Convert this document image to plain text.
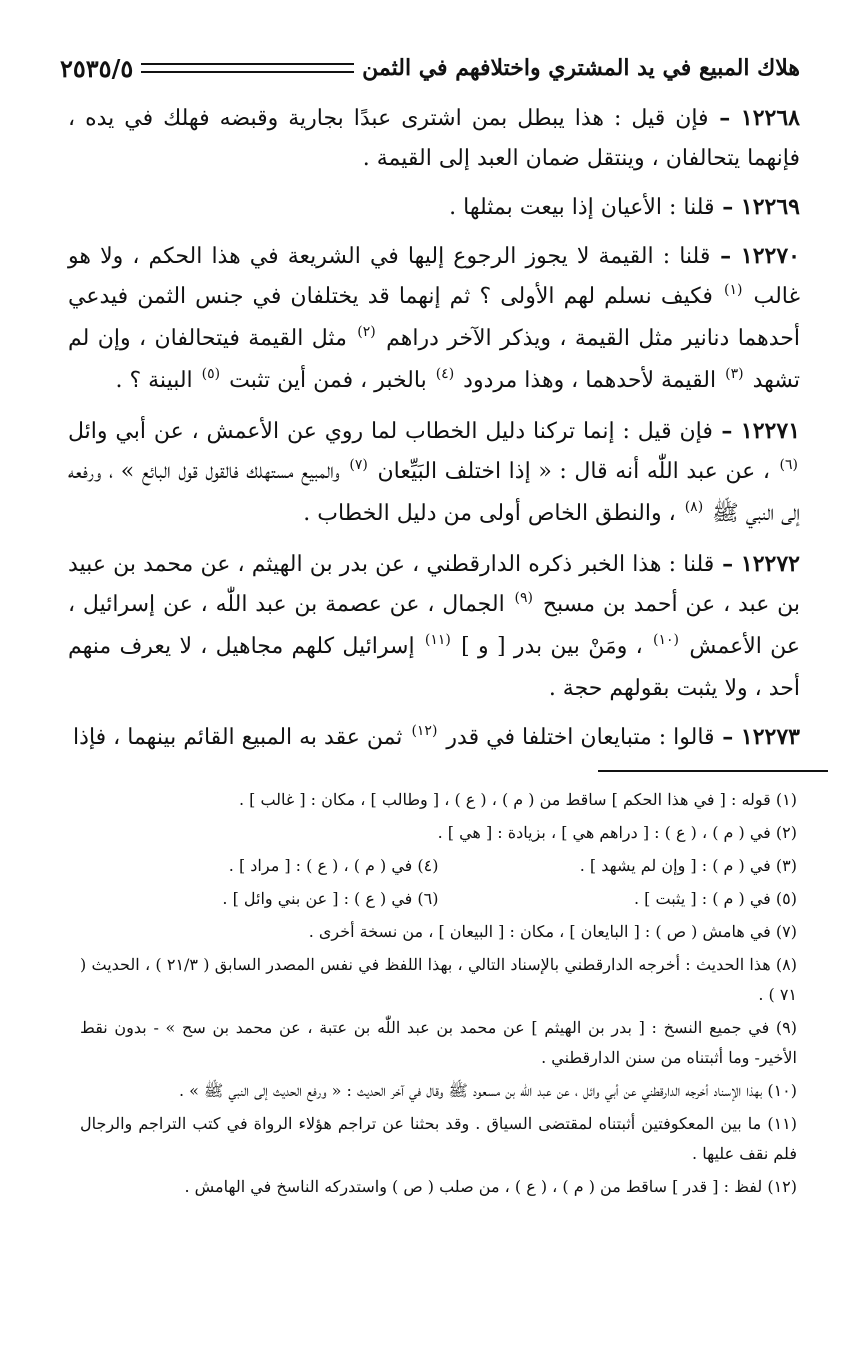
هلاك المبيع في يد المشتري واختلافهم في الثمن
٢٥٣٥/٥
١٢٢٦٨ – فإن قيل : هذا يبطل بمن اشترى عبدًا بجارية وقبضه فهلك في يده ، فإنهما يتحالفان ، وينتقل ضمان العبد إلى القيمة .
١٢٢٦٩ – قلنا : الأعيان إذا بيعت بمثلها .
١٢٢٧٠ – قلنا : القيمة لا يجوز الرجوع إليها في الشريعة في هذا الحكم ، ولا هو غالب $^{(١)}$ فكيف نسلم لهم الأولى ؟ ثم إنهما قد يختلفان في جنس الثمن فيدعي أحدهما دنانير مثل القيمة ، ويذكر الآخر دراهم $^{(٢)}$ مثل القيمة فيتحالفان ، وإن لم تشهد $^{(٣)}$ القيمة لأحدهما ، وهذا مردود $^{(٤)}$ بالخبر ، فمن أين تثبت $^{(٥)}$ البينة ؟ .
١٢٢٧١ – فإن قيل : إنما تركنا دليل الخطاب لما روي عن الأعمش ، عن أبي وائل $^{(٦)}$ ، عن عبد اللّٰه أنه قال : « إذا اختلف البَيِّعان $^{(٧)}$ والمبيع مستهلك فالقول قول البائع » ، ورفعه إلى النبي ﷺ $^{(٨)}$ ، والنطق الخاص أولى من دليل الخطاب .
١٢٢٧٢ – قلنا : هذا الخبر ذكره الدارقطني ، عن بدر بن الهيثم ، عن محمد بن عبيد بن عبد ، عن أحمد بن مسبح $^{(٩)}$ الجمال ، عن عصمة بن عبد اللّٰه ، عن إسرائيل ، عن الأعمش $^{(١٠)}$ ، ومَنْ بين بدر [ و ] $^{(١١)}$ إسرائيل كلهم مجاهيل ، لا يعرف منهم أحد ، ولا يثبت بقولهم حجة .
١٢٢٧٣ – قالوا : متبايعان اختلفا في قدر $^{(١٢)}$ ثمن عقد به المبيع القائم بينهما ، فإذا
(١) قوله : [ في هذا الحكم ] ساقط من ( م ) ، ( ع ) ، [ وطالب ] ، مكان : [ غالب ] .
(٢) في ( م ) ، ( ع ) : [ دراهم هي ] ، بزيادة : [ هي ] .
(٣) في ( م ) : [ وإن لم يشهد ] .
(٤) في ( م ) ، ( ع ) : [ مراد ] .
(٥) في ( م ) : [ يثبت ] .
(٦) في ( ع ) : [ عن بني وائل ] .
(٧) في هامش ( ص ) : [ البايعان ] ، مكان : [ البيعان ] ، من نسخة أخرى .
(٨) هذا الحديث : أخرجه الدارقطني بالإسناد التالي ، بهذا اللفظ في نفس المصدر السابق ( ٢١/٣ ) ، الحديث ( ٧١ ) .
(٩) في جميع النسخ : [ بدر بن الهيثم ] عن محمد بن عبد اللّٰه بن عتبة ، عن محمد بن سح » - بدون نقط الأخير- وما أثبتناه من سنن الدارقطني .
(١٠) بهذا الإسناد أخرجه الدارقطني عن أبي وائل ، عن عبد اللّٰه بن مسعود ﷺ وقال في آخر الحديث : « ورفع الحديث إلى النبي ﷺ » .
(١١) ما بين المعكوفتين أثبتناه لمقتضى السياق . وقد بحثنا عن تراجم هؤلاء الرواة في كتب التراجم والرجال فلم نقف عليها .
(١٢) لفظ : [ قدر ] ساقط من ( م ) ، ( ع ) ، من صلب ( ص ) واستدركه الناسخ في الهامش .
